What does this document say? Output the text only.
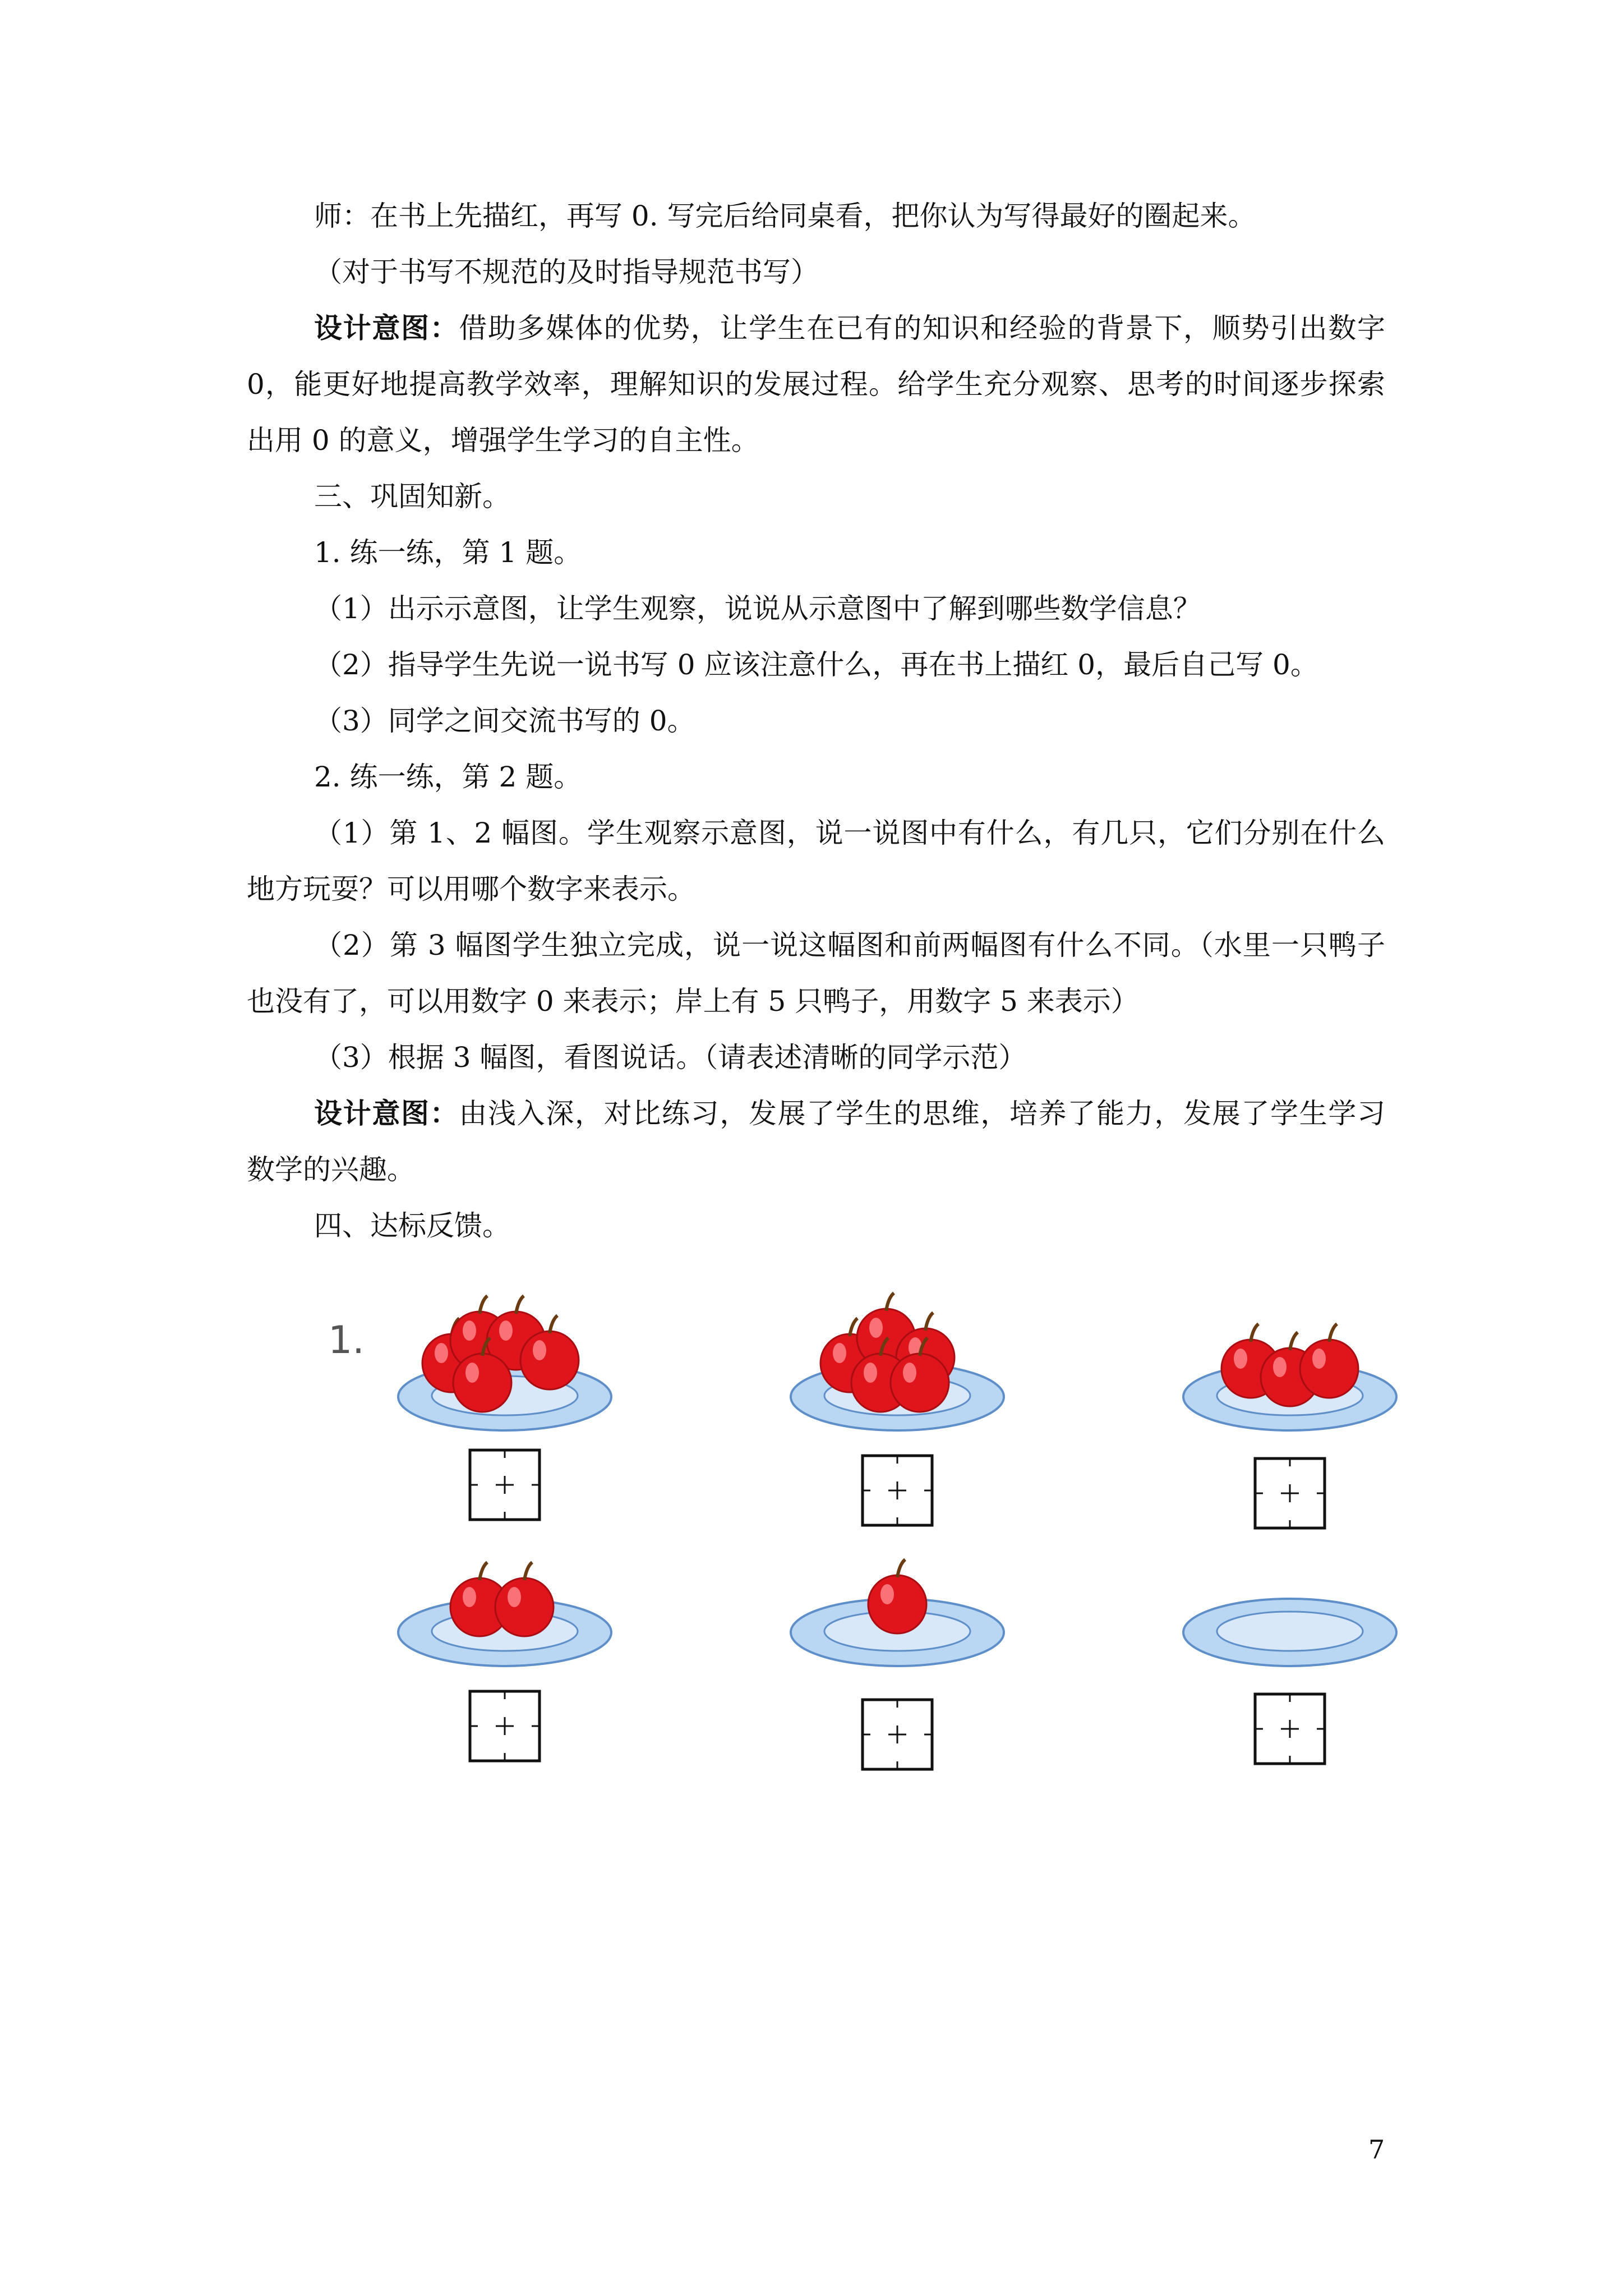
师：在书上先描红，再写 0. 写完后给同桌看，把你认为写得最好的圈起来。

（对于书写不规范的及时指导规范书写）

设计意图：借助多媒体的优势，让学生在已有的知识和经验的背景下，顺势引出数字

0，能更好地提高教学效率，理解知识的发展过程。给学生充分观察、思考的时间逐步探索

出用 0 的意义，增强学生学习的自主性。

三、巩固知新。

1. 练一练，第 1 题。

（1）出示示意图，让学生观察，说说从示意图中了解到哪些数学信息？

（2）指导学生先说一说书写 0 应该注意什么，再在书上描红 0，最后自己写 0。

（3）同学之间交流书写的 0。

2. 练一练，第 2 题。

（1）第 1、2 幅图。学生观察示意图，说一说图中有什么，有几只，它们分别在什么

地方玩耍？可以用哪个数字来表示。

（2）第 3 幅图学生独立完成，说一说这幅图和前两幅图有什么不同。（水里一只鸭子

也没有了，可以用数字 0 来表示；岸上有 5 只鸭子，用数字 5 来表示）

（3）根据 3 幅图，看图说话。（请表述清晰的同学示范）

设计意图：由浅入深，对比练习，发展了学生的思维，培养了能力，发展了学生学习

数学的兴趣。

四、达标反馈。

1.
7
